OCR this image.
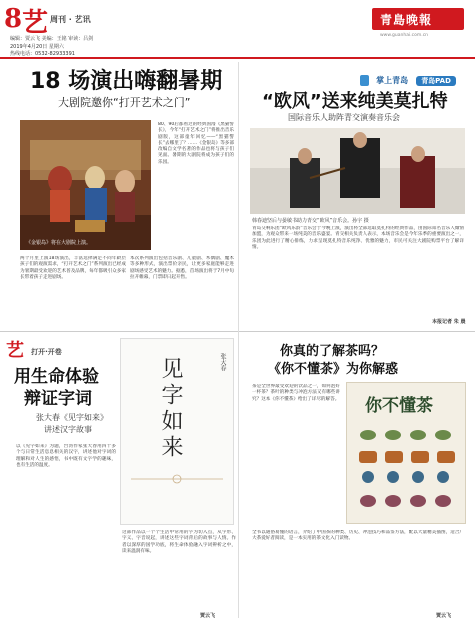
8 艺 周刊 · 艺讯
编辑：贾云飞 美编：王铭 审读：吕剑
2019年4月20日 星期六
热线电话：0532-82933391
青島晚報
www.guanhai.com.cn
18 场演出嗨翻暑期
大剧院邀你“打开艺术之门”
《金银岛》将在大剧院上演。
80、90后都看过的经典国漫《黑猫警长》，今年“打开艺术之门”将推出音乐剧版，这部童年回忆——“黑猫警长”去哪里了？……《金银岛》等多部改编自文学名著的作品也将与孩子们见面。暑期的大剧院将成为孩子们的乐园。
两个月里上演18场演出，丰富选择满足不同年龄层孩子们的观演需求，“打开艺术之门”系列演出已经成为暑期最受欢迎的艺术普及品牌，每年都吸引众多家长带着孩子走进剧场。
本次系列演出包括音乐剧、儿童剧、木偶剧、魔术等多种形式，演出票价亲民，让更多家庭能够走进剧场感受艺术的魅力。据悉，首场演出将于7月中旬拉开帷幕，门票即日起开售。
掌上青岛 青岛PAD
“欧风”送来纯美莫扎特
国际音乐人助阵青交演奏音乐会
韩春迪坚后与晏敏书助力青交“欧风”音乐会。孙宇 摄
青岛交响乐团“欧风乐韵”音乐会于今晚上演，演出将全部选取莫扎特的经典作品，由国际知名音乐人倾情加盟，为观众带来一场纯美的音乐盛宴。青交相关负责人表示，本场音乐会是今年乐季的重要演出之一，乐团为此进行了精心排练，力求呈现莫扎特音乐纯净、优雅的魅力，市民可关注大剧院购票平台了解详情。
本报记者 朱 晨
艺 打开·开卷
用生命体验
辩证字词
张大春《见字如来》
讲述汉字故事
张大春
见字如来
以《见字如来》为题，台湾作家张大春用四十多个与日常生活息息相关的汉字，讲述他对字词的理解和对人生的感悟，书中既有文字学的趣味，也有生活的温度。
这部作品以一个个生活中常用的字为切入点，从字形、字义、字音说起，讲述这些字词背后的故事与人情。作者以深厚的国学功底，将生命体验融入字词辨析之中，读来温润有味。
贾云飞
你真的了解茶吗？
《你不懂茶》为你解惑
茶是全世界最受欢迎的饮品之一，如何泡好一杯茶？茶叶的种类与冲泡方法又有哪些讲究？这本《你不懂茶》给出了详尽的解答。 你不懂茶
全书以通俗易懂的语言，介绍了中国茶的种类、历史、冲泡技巧和品鉴方法，配以大量精美插图，适合广大茶爱好者阅读，是一本实用的茶文化入门读物。
贾云飞
